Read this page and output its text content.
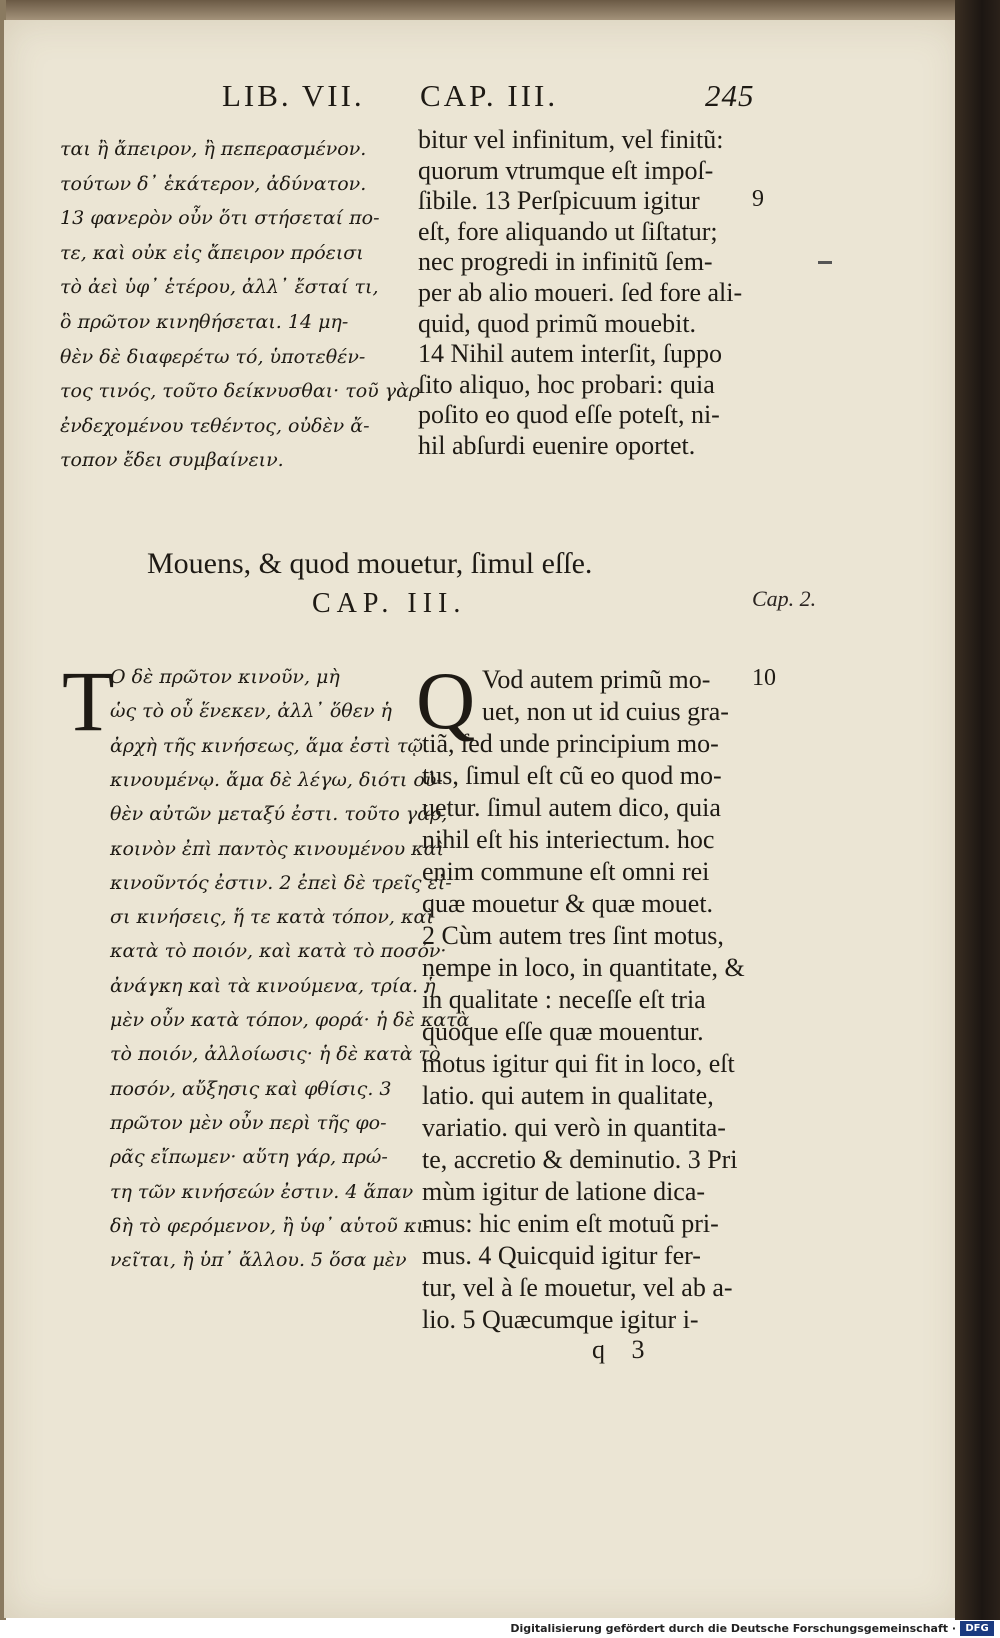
LIB. VII. CAP. III.	245
ται ἢ ἄπειρον, ἢ πεπερασμένον.
τούτων δ᾽ ἑκάτερον, ἀδύνατον.
13 φανερὸν οὖν ὅτι στήσεταί πο-
τε, καὶ οὐκ εἰς ἄπειρον πρόεισι
τὸ ἀεὶ ὑφ᾽ ἑτέρου, ἀλλ᾽ ἔσταί τι,
ὃ πρῶτον κινηθήσεται. 14 μη-
θὲν δὲ διαφερέτω τό, ὑποτεθέν-
τος τινός, τοῦτο δείκνυσθαι· τοῦ γὰρ
ἐνδεχομένου τεθέντος, οὐδὲν ἄ-
τοπον ἔδει συμβαίνειν.
bitur vel infinitum, vel finitũ:
quorum vtrumque eſt impoſ-
ſibile. 13 Perſpicuum igitur
eſt, fore aliquando ut ſiſtatur;
nec progredi in infinitũ ſem-
per ab alio moueri. ſed fore ali-
quid, quod primũ mouebit.
14 Nihil autem interſit, ſuppo
ſito aliquo, hoc probari: quia
poſito eo quod eſſe poteſt, ni-
hil abſurdi euenire oportet.
9
Mouens, & quod mouetur, ſimul eſſe.
CAP. III.	Cap. 2.
T
Ο δὲ πρῶτον κινοῦν, μὴ
ὡς τὸ οὗ ἕνεκεν, ἀλλ᾽ ὅθεν ἡ
ἀρχὴ τῆς κινήσεως, ἅμα ἐστὶ τῷ
κινουμένῳ. ἅμα δὲ λέγω, διότι οὐ-
θὲν αὐτῶν μεταξύ ἐστι. τοῦτο γάρ,
κοινὸν ἐπὶ παντὸς κινουμένου καὶ
κινοῦντός ἐστιν. 2 ἐπεὶ δὲ τρεῖς εἰ-
σι κινήσεις, ἥ τε κατὰ τόπον, καὶ
κατὰ τὸ ποιόν, καὶ κατὰ τὸ ποσόν·
ἀνάγκη καὶ τὰ κινούμενα, τρία. ἡ
μὲν οὖν κατὰ τόπον, φορά· ἡ δὲ κατὰ
τὸ ποιόν, ἀλλοίωσις· ἡ δὲ κατὰ τὸ
ποσόν, αὔξησις καὶ φθίσις. 3
πρῶτον μὲν οὖν περὶ τῆς φο-
ρᾶς εἴπωμεν· αὕτη γάρ, πρώ-
τη τῶν κινήσεών ἐστιν. 4 ἅπαν
δὴ τὸ φερόμενον, ἢ ὑφ᾽ αὑτοῦ κι-
νεῖται, ἢ ὑπ᾽ ἄλλου. 5 ὅσα μὲν
Q Vod autem primũ mo-
uet, non ut id cuius gra-
tiã, ſed unde principium mo-
tus, ſimul eſt cũ eo quod mo-
uetur. ſimul autem dico, quia
nihil eſt his interiectum. hoc
enim commune eſt omni rei
quæ mouetur & quæ mouet.
2 Cùm autem tres ſint motus,
nempe in loco, in quantitate, &
in qualitate : neceſſe eſt tria
quoque eſſe quæ mouentur.
motus igitur qui fit in loco, eſt
latio. qui autem in qualitate,
variatio. qui verò in quantita-
te, accretio & deminutio. 3 Pri
mùm igitur de latione dica-
mus: hic enim eſt motuũ pri-
mus. 4 Quicquid igitur fer-
tur, vel à ſe mouetur, vel ab a-
lio. 5 Quæcumque igitur i-
10
q 3
Digitalisierung gefördert durch die Deutsche Forschungsgemeinschaft · DFG
